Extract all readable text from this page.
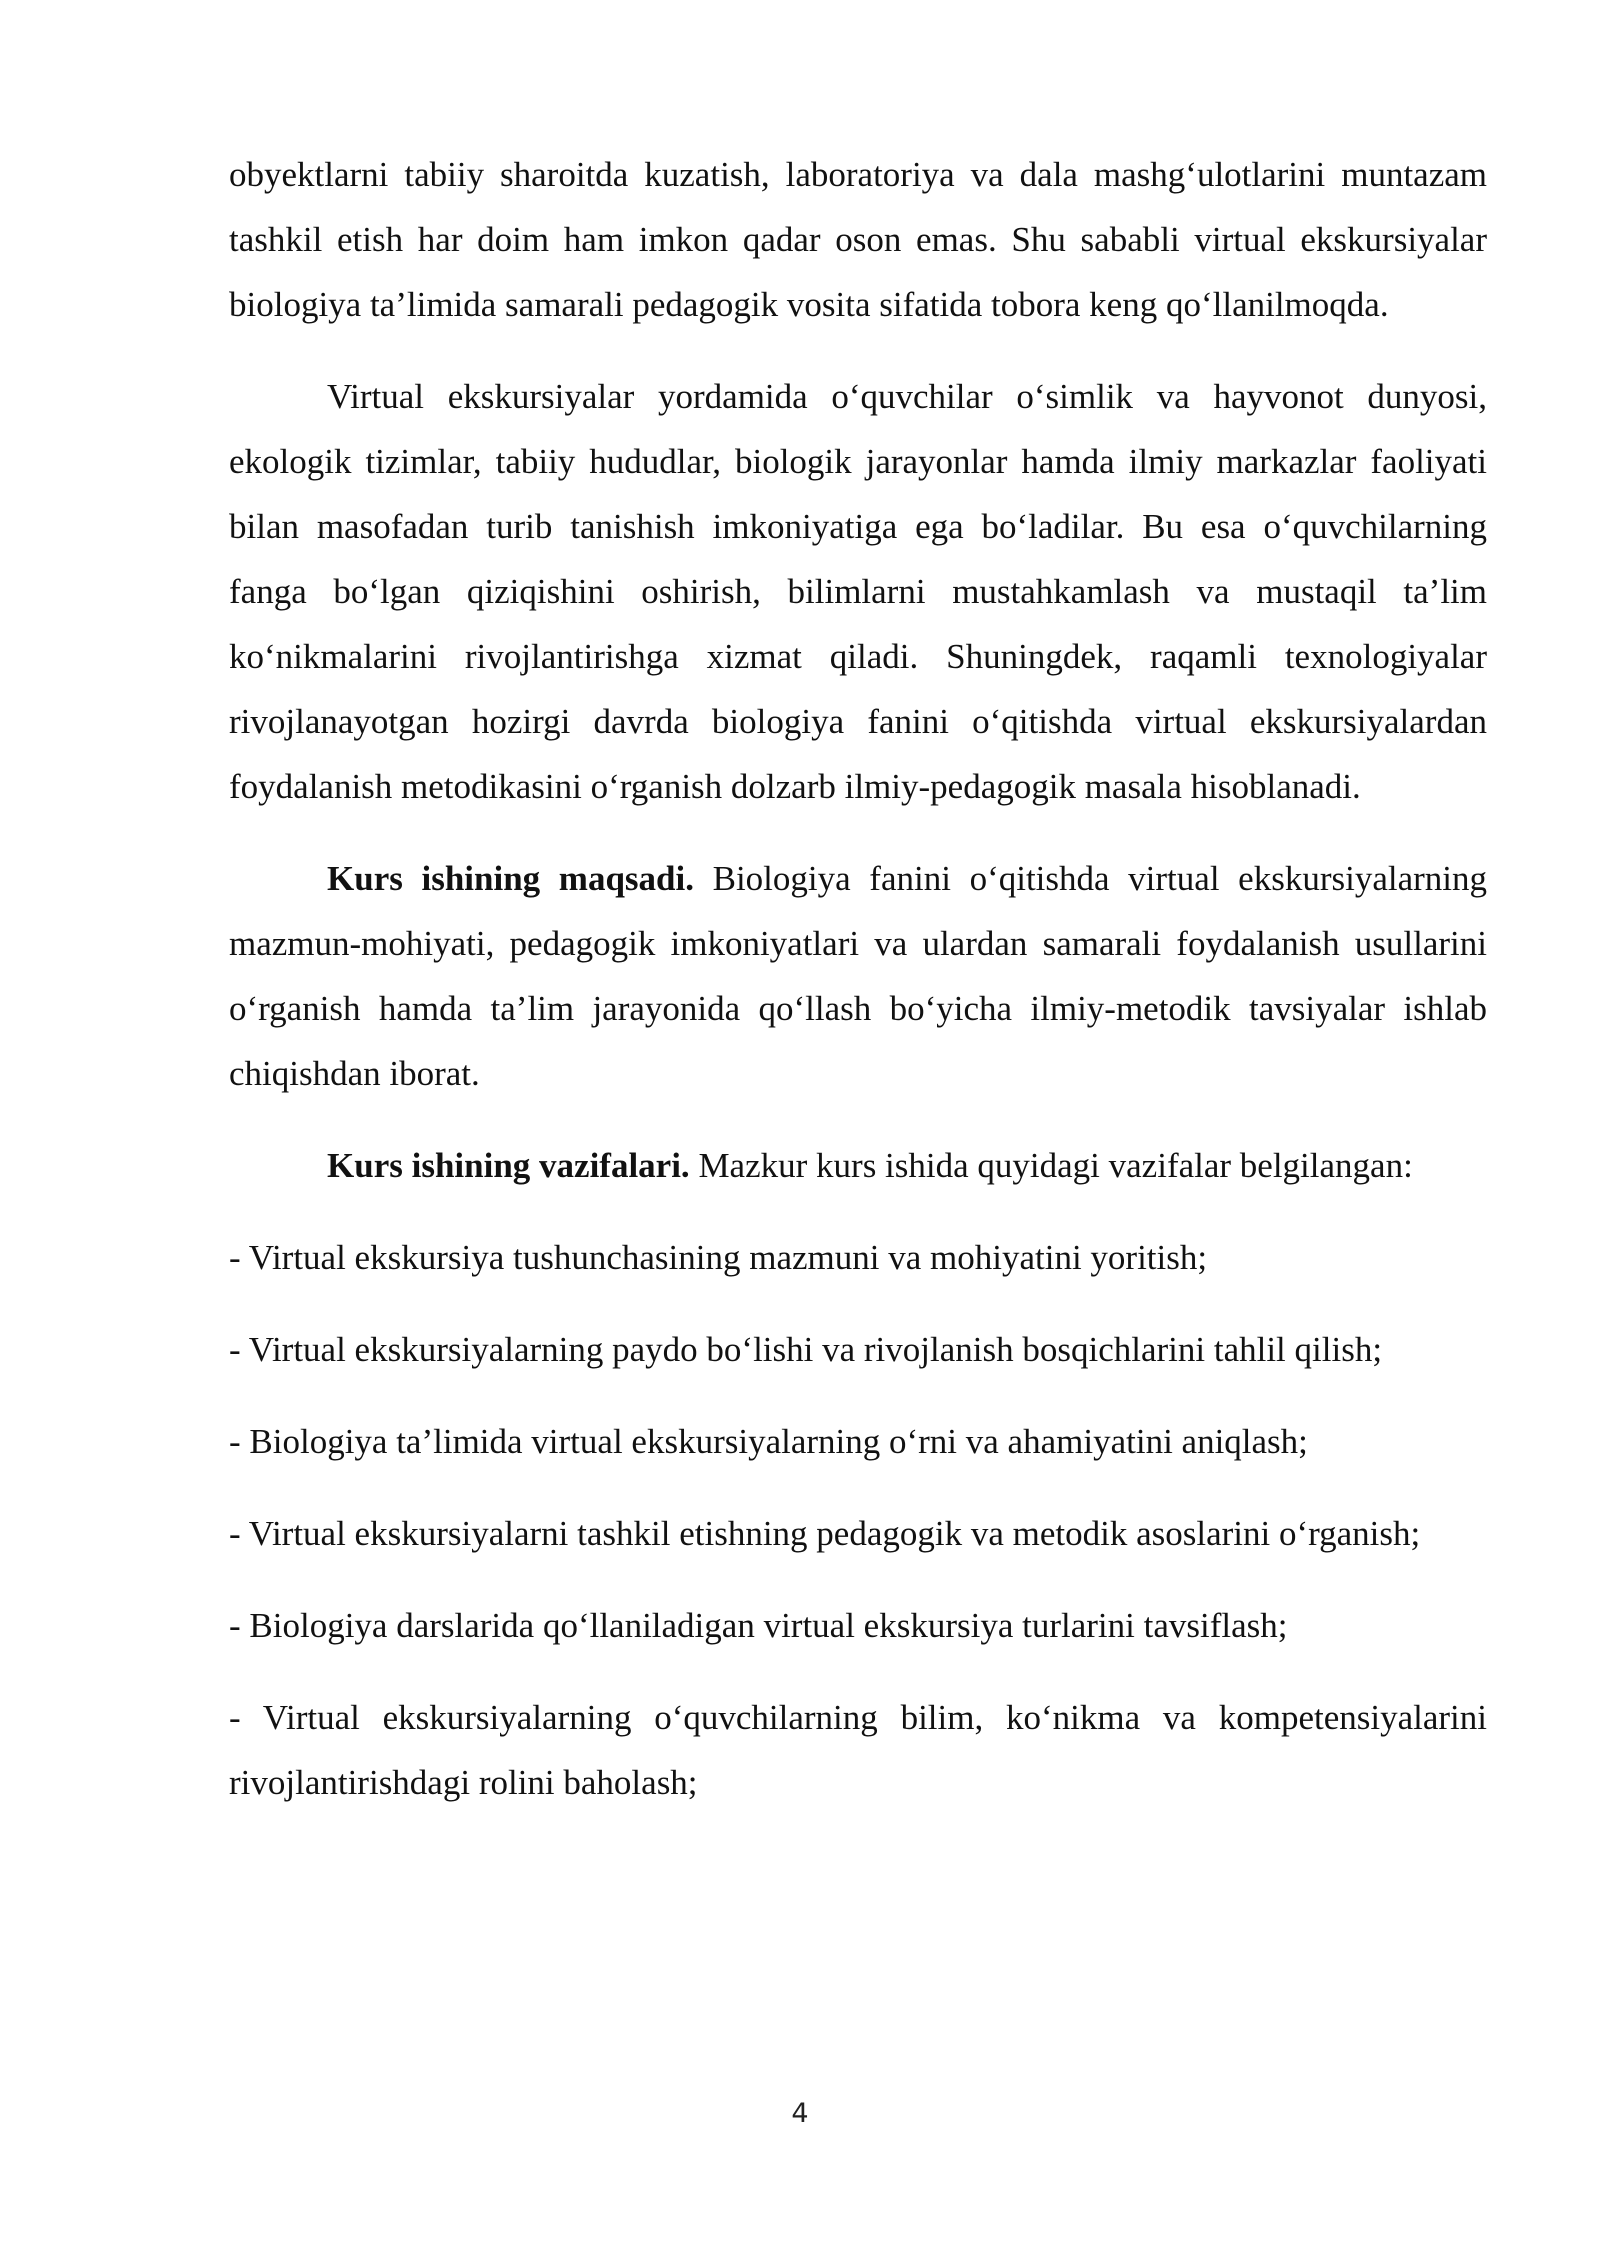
obyektlarni tabiiy sharoitda kuzatish, laboratoriya va dala mashg‘ulotlarini muntazam tashkil etish har doim ham imkon qadar oson emas. Shu sababli virtual ekskursiyalar biologiya ta’limida samarali pedagogik vosita sifatida tobora keng qo‘llanilmoqda.

Virtual ekskursiyalar yordamida o‘quvchilar o‘simlik va hayvonot dunyosi, ekologik tizimlar, tabiiy hududlar, biologik jarayonlar hamda ilmiy markazlar faoliyati bilan masofadan turib tanishish imkoniyatiga ega bo‘ladilar. Bu esa o‘quvchilarning fanga bo‘lgan qiziqishini oshirish, bilimlarni mustahkamlash va mustaqil ta’lim ko‘nikmalarini rivojlantirishga xizmat qiladi. Shuningdek, raqamli texnologiyalar rivojlanayotgan hozirgi davrda biologiya fanini o‘qitishda virtual ekskursiyalardan foydalanish metodikasini o‘rganish dolzarb ilmiy-pedagogik masala hisoblanadi.

Kurs ishining maqsadi. Biologiya fanini o‘qitishda virtual ekskursiyalarning mazmun-mohiyati, pedagogik imkoniyatlari va ulardan samarali foydalanish usullarini o‘rganish hamda ta’lim jarayonida qo‘llash bo‘yicha ilmiy-metodik tavsiyalar ishlab chiqishdan iborat.

Kurs ishining vazifalari. Mazkur kurs ishida quyidagi vazifalar belgilangan:

- Virtual ekskursiya tushunchasining mazmuni va mohiyatini yoritish;

- Virtual ekskursiyalarning paydo bo‘lishi va rivojlanish bosqichlarini tahlil qilish;

- Biologiya ta’limida virtual ekskursiyalarning o‘rni va ahamiyatini aniqlash;

- Virtual ekskursiyalarni tashkil etishning pedagogik va metodik asoslarini o‘rganish;

- Biologiya darslarida qo‘llaniladigan virtual ekskursiya turlarini tavsiflash;

- Virtual ekskursiyalarning o‘quvchilarning bilim, ko‘nikma va kompetensiyalarini rivojlantirishdagi rolini baholash;

4
